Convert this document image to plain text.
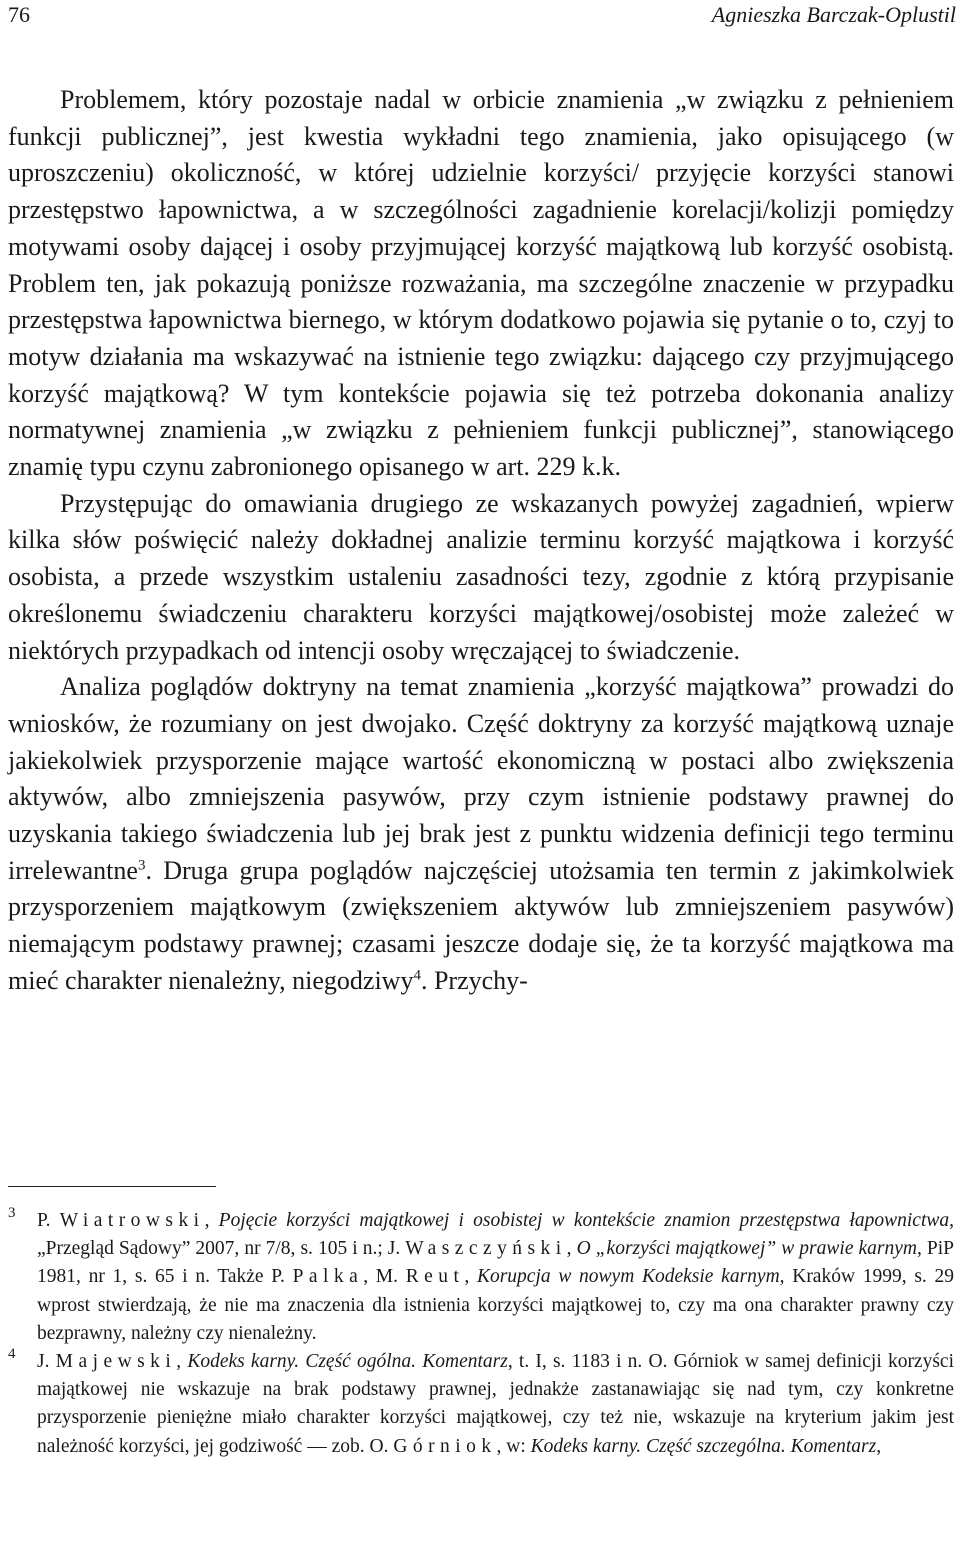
76	Agnieszka Barczak-Oplustil

Problemem, który pozostaje nadal w orbicie znamienia „w związku z pełnieniem funkcji publicznej”, jest kwestia wykładni tego znamienia, jako opisującego (w uproszczeniu) okoliczność, w której udzielnie korzyści/ przyjęcie korzyści stanowi przestępstwo łapownictwa, a w szczególności zagadnienie korelacji/kolizji pomiędzy motywami osoby dającej i osoby przyjmującej korzyść majątkową lub korzyść osobistą. Problem ten, jak pokazują poniższe rozważania, ma szczególne znaczenie w przypadku przestępstwa łapownictwa biernego, w którym dodatkowo pojawia się pytanie o to, czyj to motyw działania ma wskazywać na istnienie tego związku: dającego czy przyjmującego korzyść majątkową? W tym kontekście pojawia się też potrzeba dokonania analizy normatywnej znamienia „w związku z pełnieniem funkcji publicznej”, stanowiącego znamię typu czynu zabronionego opisanego w art. 229 k.k.

Przystępując do omawiania drugiego ze wskazanych powyżej zagadnień, wpierw kilka słów poświęcić należy dokładnej analizie terminu korzyść majątkowa i korzyść osobista, a przede wszystkim ustaleniu zasadności tezy, zgodnie z którą przypisanie określonemu świadczeniu charakteru korzyści majątkowej/osobistej może zależeć w niektórych przypadkach od intencji osoby wręczającej to świadczenie.

Analiza poglądów doktryny na temat znamienia „korzyść majątkowa” prowadzi do wniosków, że rozumiany on jest dwojako. Część doktryny za korzyść majątkową uznaje jakiekolwiek przysporzenie mające wartość ekonomiczną w postaci albo zwiększenia aktywów, albo zmniejszenia pasywów, przy czym istnienie podstawy prawnej do uzyskania takiego świadczenia lub jej brak jest z punktu widzenia definicji tego terminu irrelewantne$^3$. Druga grupa poglądów najczęściej utożsamia ten termin z jakimkolwiek przysporzeniem majątkowym (zwiększeniem aktywów lub zmniejszeniem pasywów) niemającym podstawy prawnej; czasami jeszcze dodaje się, że ta korzyść majątkowa ma mieć charakter nienależny, niegodziwy$^4$. Przychy-

3 P. Wiatrowski, Pojęcie korzyści majątkowej i osobistej w kontekście znamion przestępstwa łapownictwa, „Przegląd Sądowy” 2007, nr 7/8, s. 105 i n.; J. Waszczyński, O „korzyści majątkowej” w prawie karnym, PiP 1981, nr 1, s. 65 i n. Także P. Palka, M. Reut, Korupcja w nowym Kodeksie karnym, Kraków 1999, s. 29 wprost stwierdzają, że nie ma znaczenia dla istnienia korzyści majątkowej to, czy ma ona charakter prawny czy bezprawny, należny czy nienależny.
4 J. Majewski, Kodeks karny. Część ogólna. Komentarz, t. I, s. 1183 i n. O. Górniok w samej definicji korzyści majątkowej nie wskazuje na brak podstawy prawnej, jednakże zastanawiając się nad tym, czy konkretne przysporzenie pieniężne miało charakter korzyści majątkowej, czy też nie, wskazuje na kryterium jakim jest należność korzyści, jej godziwość — zob. O. Górniok, w: Kodeks karny. Część szczególna. Komentarz,
